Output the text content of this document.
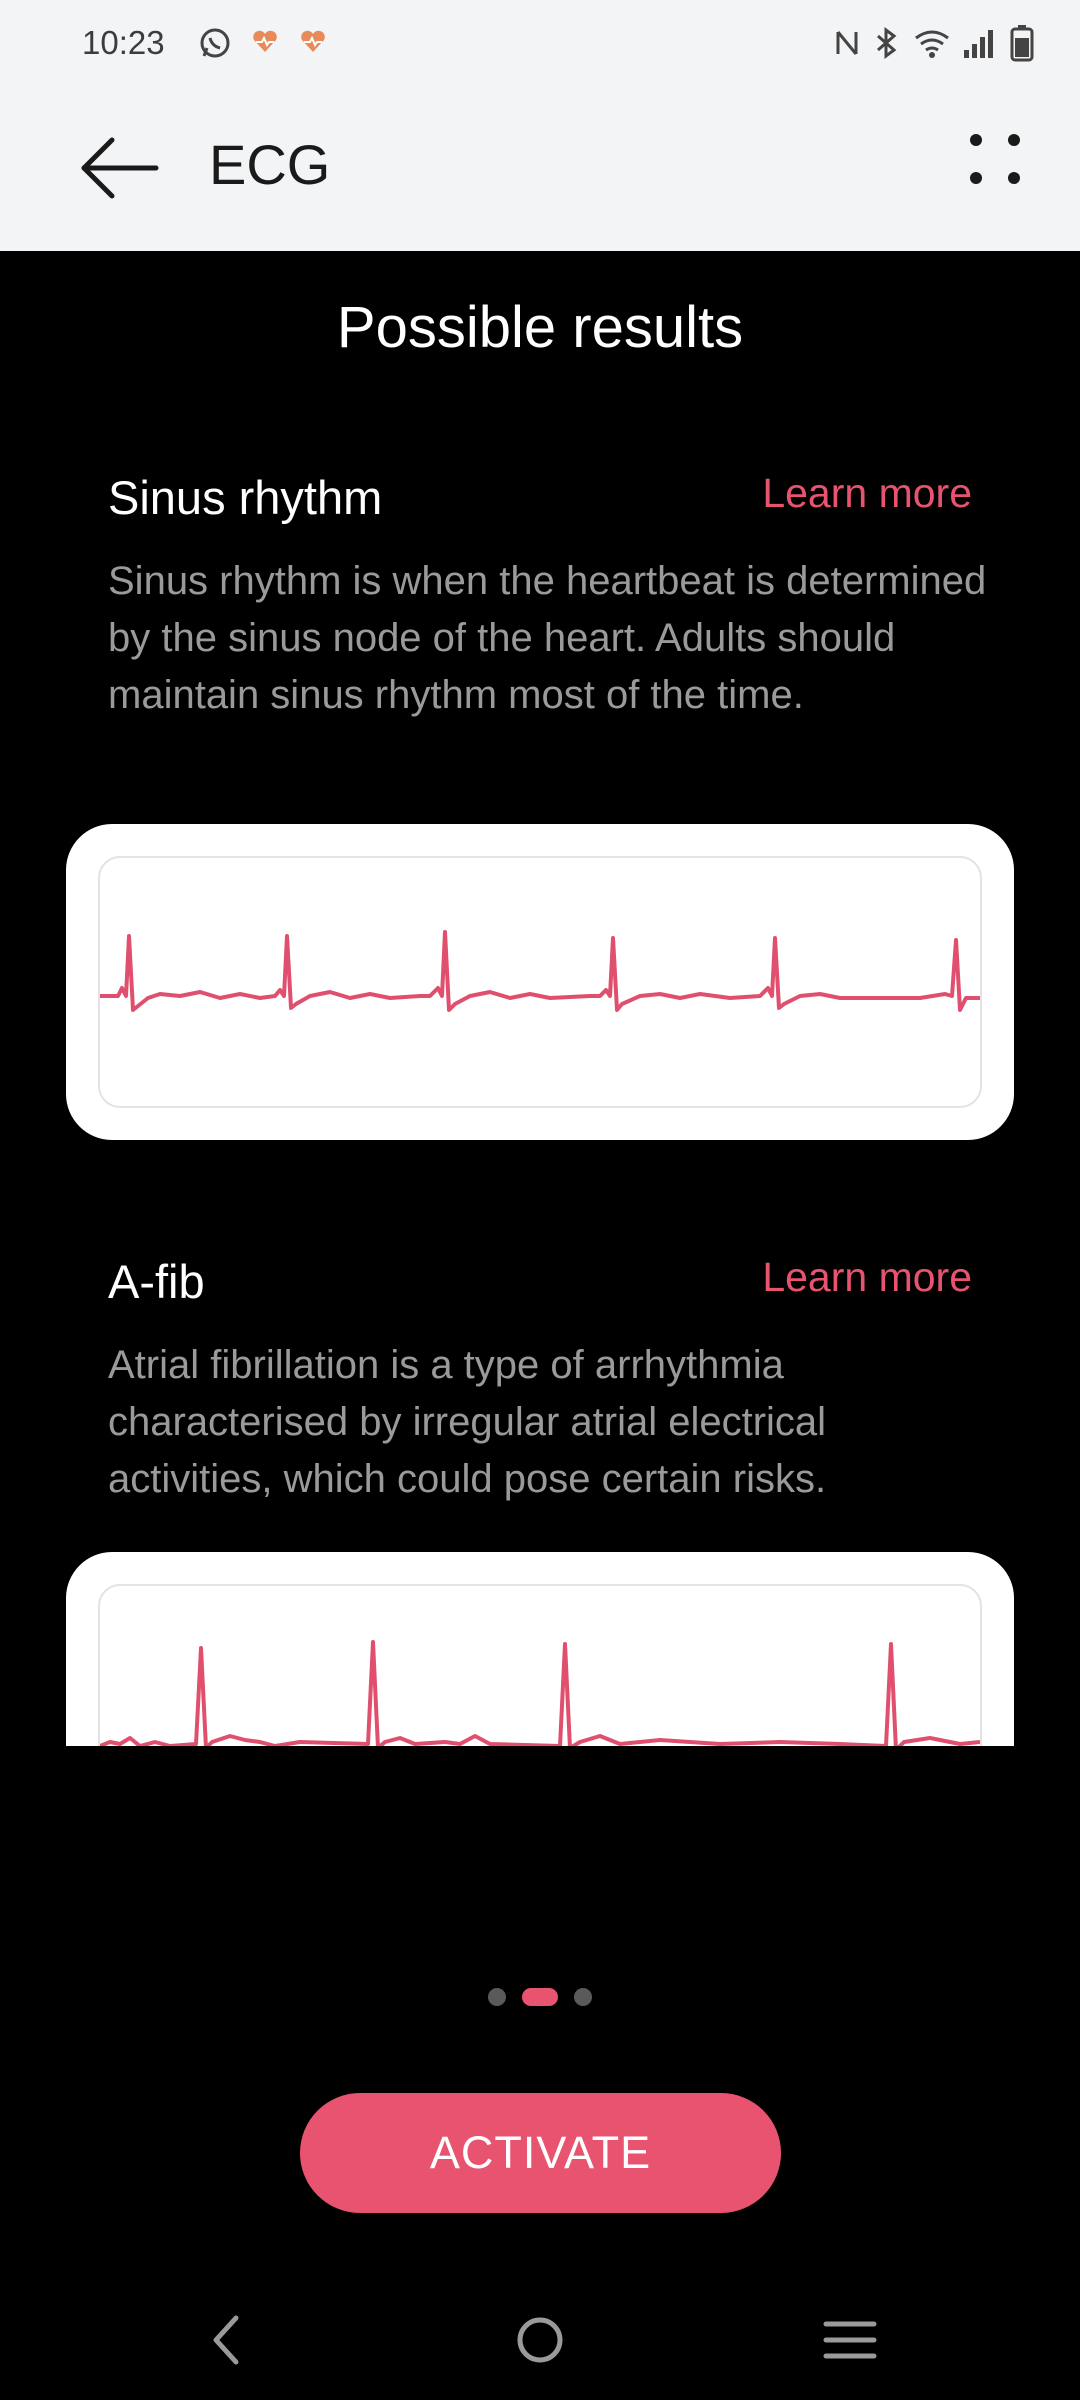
10:23
ECG
Possible results
Sinus rhythm	Learn more
Sinus rhythm is when the heartbeat is determined by the sinus node of the heart. Adults should maintain sinus rhythm most of the time.
A-fib	Learn more
Atrial fibrillation is a type of arrhythmia characterised by irregular atrial electrical activities, which could pose certain risks.
ACTIVATE
